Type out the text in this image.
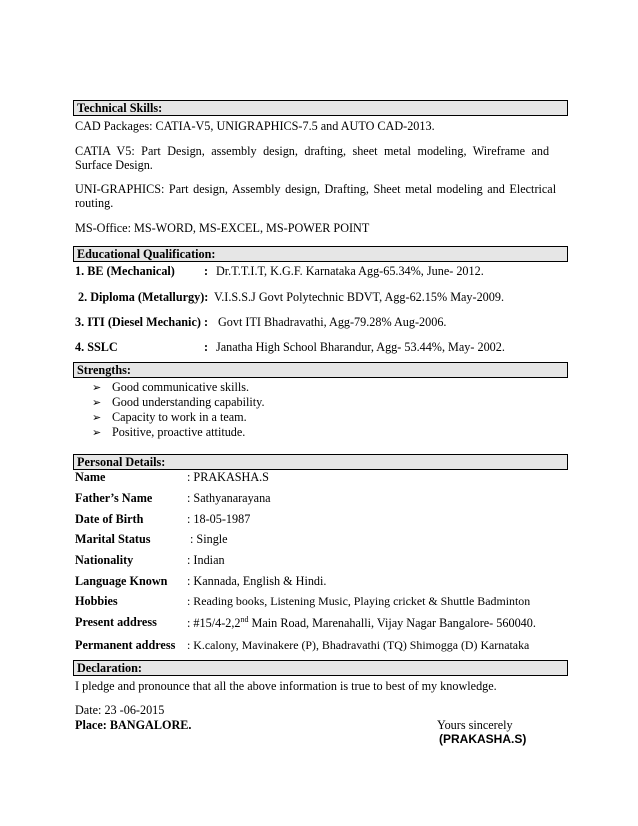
Technical Skills:
CAD Packages: CATIA-V5, UNIGRAPHICS-7.5 and AUTO CAD-2013.
CATIA V5: Part Design, assembly design, drafting, sheet metal modeling, Wireframe and
Surface Design.
UNI-GRAPHICS: Part design, Assembly design, Drafting, Sheet metal modeling and Electrical
routing.
MS-Office: MS-WORD, MS-EXCEL, MS-POWER POINT
Educational Qualification:
1. BE (Mechanical) : Dr.T.T.I.T, K.G.F. Karnataka Agg-65.34%, June- 2012.
2. Diploma (Metallurgy): V.I.S.S.J Govt Polytechnic BDVT, Agg-62.15% May-2009.
3. ITI (Diesel Mechanic) : Govt ITI Bhadravathi, Agg-79.28% Aug-2006.
4. SSLC	: Janatha High School Bharandur, Agg- 53.44%, May- 2002.
Strengths:
➢ Good communicative skills.
➢ Good understanding capability.
➢ Capacity to work in a team.
➢ Positive, proactive attitude.
Personal Details:
Name	: PRAKASHA.S
Father’s Name	: Sathyanarayana
Date of Birth	: 18-05-1987
Marital Status	: Single
Nationality	: Indian
Language Known : Kannada, English & Hindi.
Hobbies	: Reading books, Listening Music, Playing cricket & Shuttle Badminton
Present address : #15/4-2,2nd Main Road, Marenahalli, Vijay Nagar Bangalore- 560040.
Permanent address : K.calony, Mavinakere (P), Bhadravathi (TQ) Shimogga (D) Karnataka
Declaration:
I pledge and pronounce that all the above information is true to best of my knowledge.
Date: 23 -06-2015
Place: BANGALORE.	Yours sincerely
(PRAKASHA.S)
